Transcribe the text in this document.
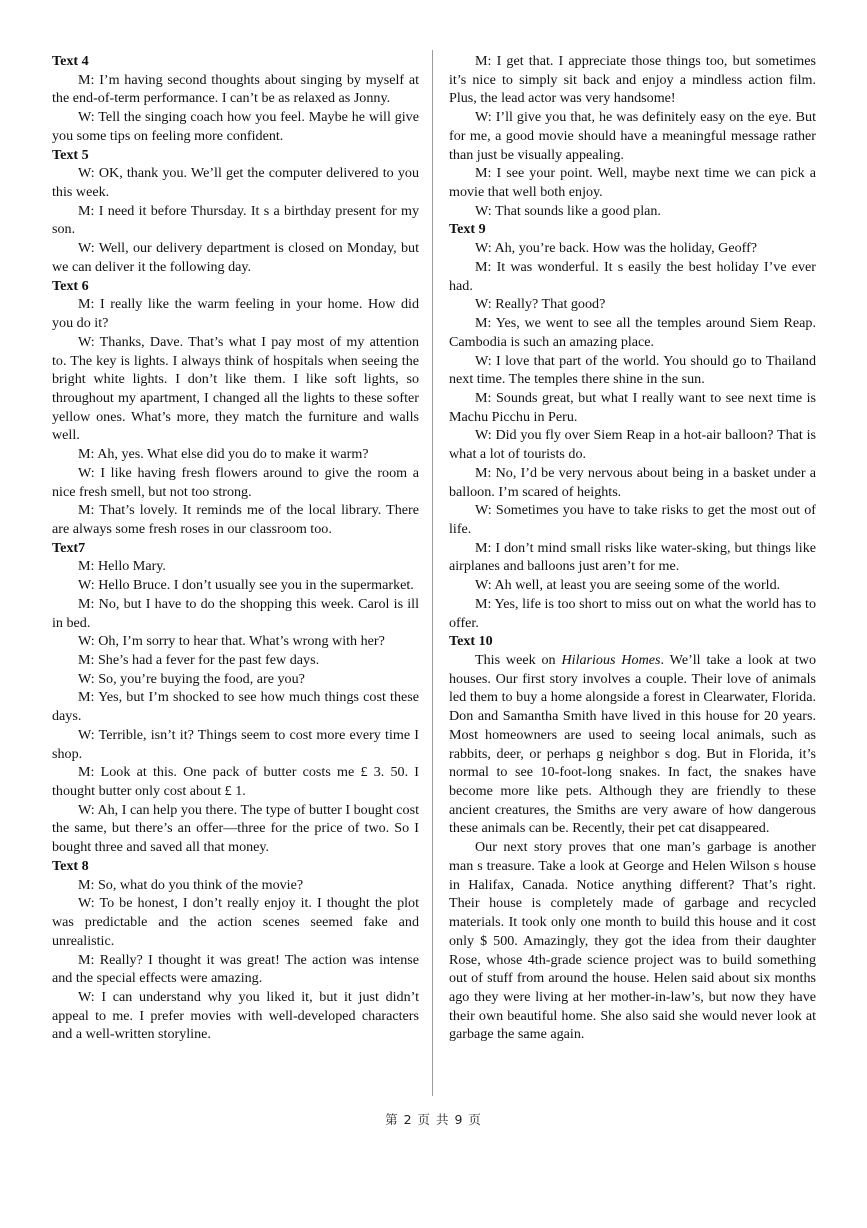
Text 4

M: I’m having second thoughts about singing by myself at the end-of-term performance. I can’t be as relaxed as Jonny.

W: Tell the singing coach how you feel. Maybe he will give you some tips on feeling more confident.

Text 5

W: OK, thank you. We’ll get the computer delivered to you this week.

M: I need it before Thursday. It s a birthday present for my son.

W: Well, our delivery department is closed on Monday, but we can deliver it the following day.

Text 6

M: I really like the warm feeling in your home. How did you do it?

W: Thanks, Dave. That’s what I pay most of my attention to. The key is lights. I always think of hospitals when seeing the bright white lights. I don’t like them. I like soft lights, so throughout my apartment, I changed all the lights to these softer yellow ones. What’s more, they match the furniture and walls well.

M: Ah, yes. What else did you do to make it warm?

W: I like having fresh flowers around to give the room a nice fresh smell, but not too strong.

M: That’s lovely. It reminds me of the local library. There are always some fresh roses in our classroom too.

Text7

M: Hello Mary.

W: Hello Bruce. I don’t usually see you in the supermarket.

M: No, but I have to do the shopping this week. Carol is ill in bed.

W: Oh, I’m sorry to hear that. What’s wrong with her?

M: She’s had a fever for the past few days.

W: So, you’re buying the food, are you?

M: Yes, but I’m shocked to see how much things cost these days.

W: Terrible, isn’t it? Things seem to cost more every time I shop.

M: Look at this. One pack of butter costs me £ 3. 50. I thought butter only cost about £ 1.

W: Ah, I can help you there. The type of butter I bought cost the same, but there’s an offer—three for the price of two. So I bought three and saved all that money.

Text 8

M: So, what do you think of the movie?

W: To be honest, I don’t really enjoy it. I thought the plot was predictable and the action scenes seemed fake and unrealistic.

M: Really? I thought it was great! The action was intense and the special effects were amazing.

W: I can understand why you liked it, but it just didn’t appeal to me. I prefer movies with well-developed characters and a well-written storyline.

M: I get that. I appreciate those things too, but sometimes it’s nice to simply sit back and enjoy a mindless action film. Plus, the lead actor was very handsome!

W: I’ll give you that, he was definitely easy on the eye. But for me, a good movie should have a meaningful message rather than just be visually appealing.

M: I see your point. Well, maybe next time we can pick a movie that well both enjoy.

W: That sounds like a good plan.

Text 9

W: Ah, you’re back. How was the holiday, Geoff?

M: It was wonderful. It s easily the best holiday I’ve ever had.

W: Really? That good?

M: Yes, we went to see all the temples around Siem Reap. Cambodia is such an amazing place.

W: I love that part of the world. You should go to Thailand next time. The temples there shine in the sun.

M: Sounds great, but what I really want to see next time is Machu Picchu in Peru.

W: Did you fly over Siem Reap in a hot-air balloon? That is what a lot of tourists do.

M: No, I’d be very nervous about being in a basket under a balloon. I’m scared of heights.

W: Sometimes you have to take risks to get the most out of life.

M: I don’t mind small risks like water-sking, but things like airplanes and balloons just aren’t for me.

W: Ah well, at least you are seeing some of the world.

M: Yes, life is too short to miss out on what the world has to offer.

Text 10

This week on Hilarious Homes. We’ll take a look at two houses. Our first story involves a couple. Their love of animals led them to buy a home alongside a forest in Clearwater, Florida. Don and Samantha Smith have lived in this house for 20 years. Most homeowners are used to seeing local animals, such as rabbits, deer, or perhaps g neighbor s dog. But in Florida, it’s normal to see 10-foot-long snakes. In fact, the snakes have become more like pets. Although they are friendly to these ancient creatures, the Smiths are very aware of how dangerous these animals can be. Recently, their pet cat disappeared.

Our next story proves that one man’s garbage is another man s treasure. Take a look at George and Helen Wilson s house in Halifax, Canada. Notice anything different? That’s right. Their house is completely made of garbage and recycled materials. It took only one month to build this house and it cost only $ 500. Amazingly, they got the idea from their daughter Rose, whose 4th-grade science project was to build something out of stuff from around the house. Helen said about six months ago they were living at her mother-in-law’s, but now they have their own beautiful home. She also said she would never look at garbage the same again.

第 2 页 共 9 页
